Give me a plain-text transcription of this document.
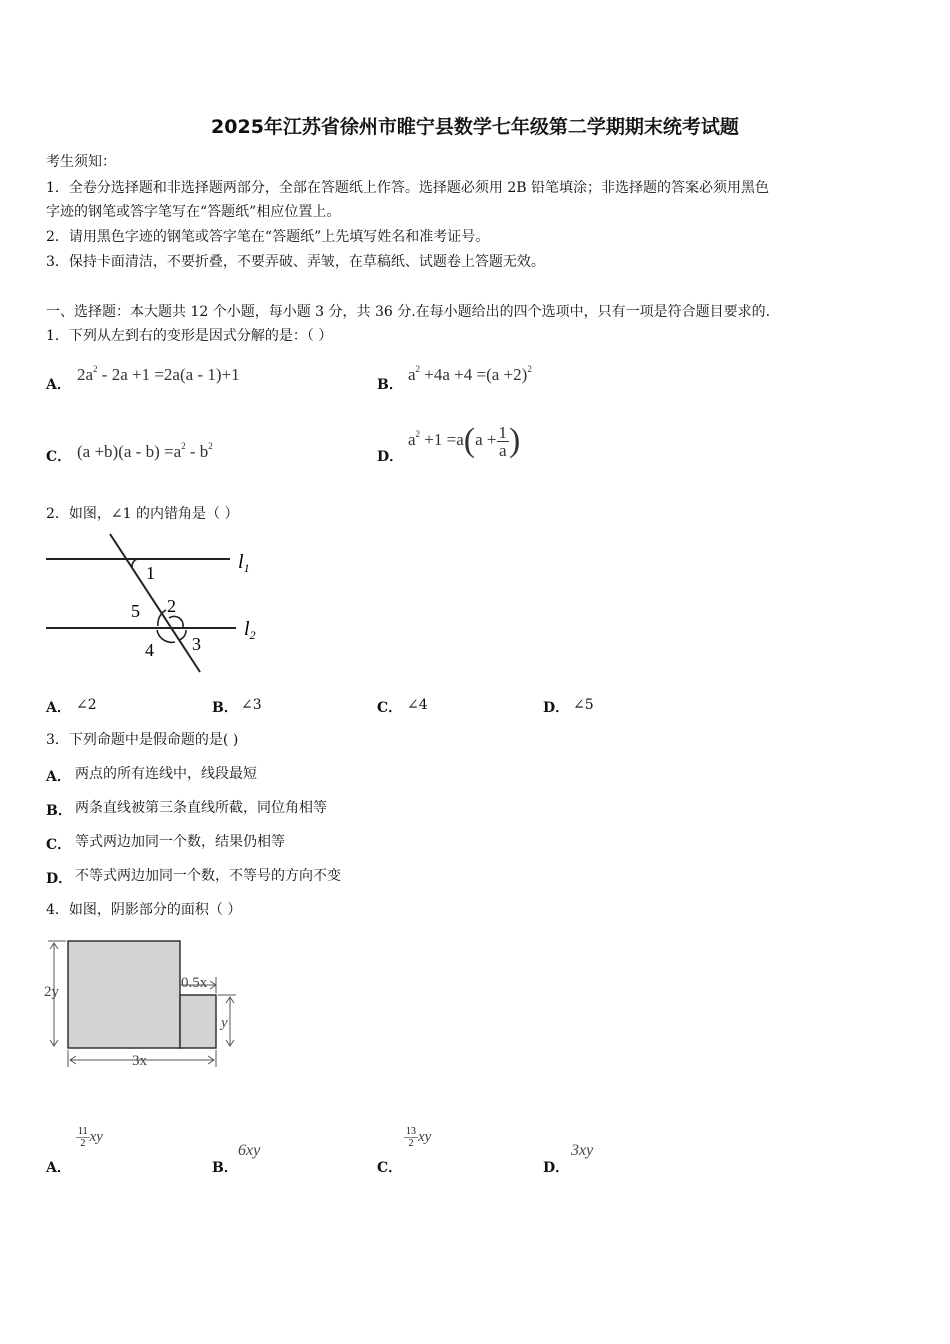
2025年江苏省徐州市睢宁县数学七年级第二学期期末统考试题
考生须知：
1．全卷分选择题和非选择题两部分，全部在答题纸上作答。选择题必须用 2B 铅笔填涂；非选择题的答案必须用黑色
字迹的钢笔或答字笔写在“答题纸”相应位置上。
2．请用黑色字迹的钢笔或答字笔在“答题纸”上先填写姓名和准考证号。
3．保持卡面清洁，不要折叠，不要弄破、弄皱，在草稿纸、试题卷上答题无效。
一、选择题：本大题共 12 个小题，每小题 3 分，共 36 分.在每小题给出的四个选项中，只有一项是符合题目要求的.
1．下列从左到右的变形是因式分解的是：（ ）
A．
$2a^2 - 2a +1 =2a(a - 1)+1$
B．
$a^2 +4a +4 =(a +2)^2$
C． $(a +b)(a - b) =a^2 - b^2$
D．
$a^2 +1 =a(a + \frac{1}{a}$ )
2．如图，∠1 的内错角是（ ）
1
2
3
4
5
$l_1$
$l_2$
A． ∠2	B． ∠3	C． ∠4	D． ∠5
3．下列命题中是假命题的是( )
A． 两点的所有连线中，线段最短
B． 两条直线被第三条直线所截，同位角相等
C． 等式两边加同一个数，结果仍相等
D． 不等式两边加同一个数，不等号的方向不变
4．如图，阴影部分的面积（ ）
2y
0.5x
y
3x
A．
$\frac{11}{2}$ xy
B．
6xy
C．
$\frac{13}{2}$ xy
D．
3xy
